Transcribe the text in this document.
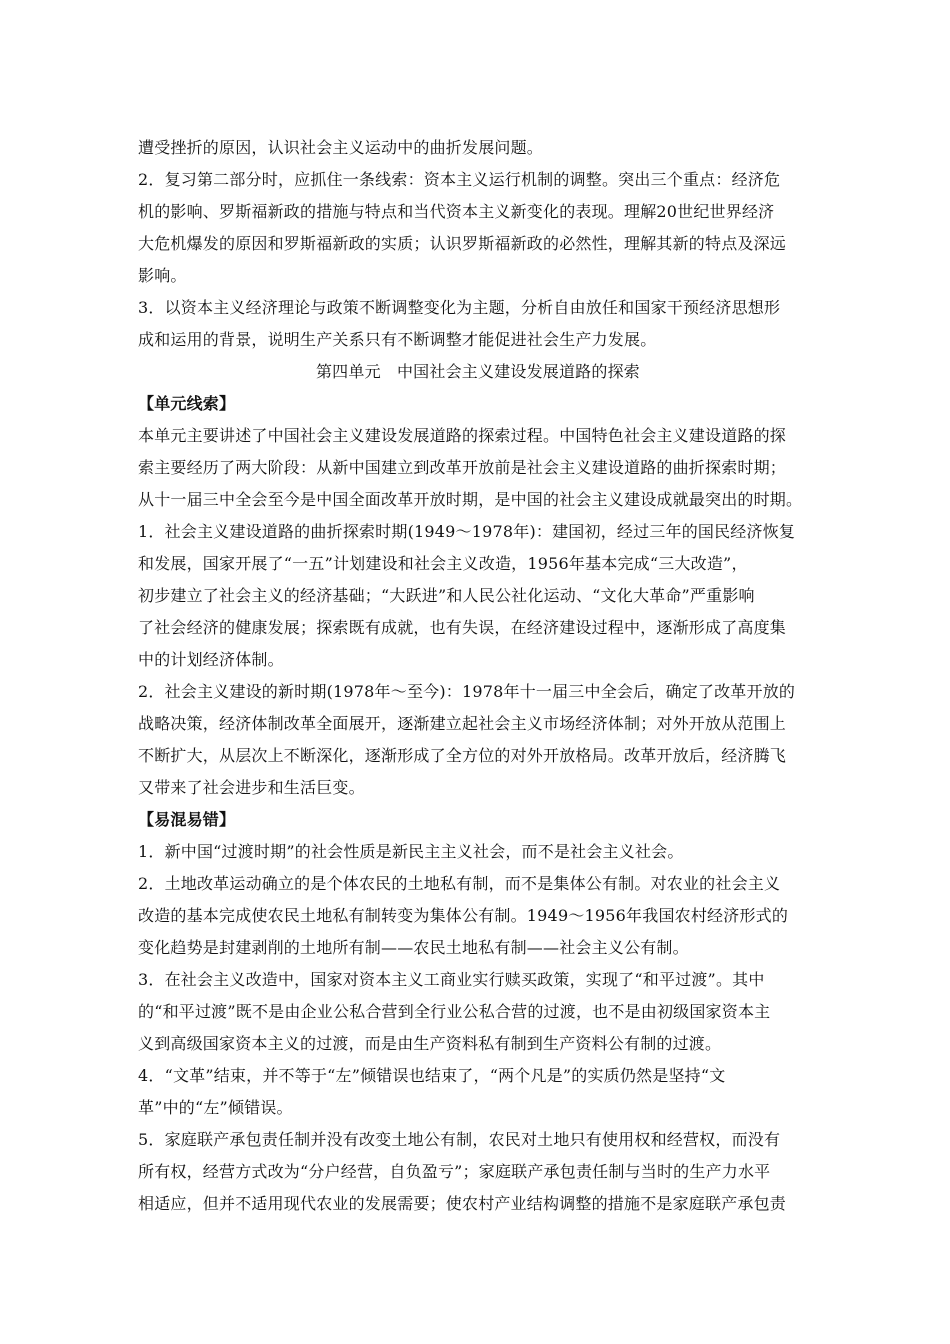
遭受挫折的原因，认识社会主义运动中的曲折发展问题。
2．复习第二部分时，应抓住一条线索：资本主义运行机制的调整。突出三个重点：经济危
机的影响、罗斯福新政的措施与特点和当代资本主义新变化的表现。理解20世纪世界经济
大危机爆发的原因和罗斯福新政的实质；认识罗斯福新政的必然性，理解其新的特点及深远
影响。
3．以资本主义经济理论与政策不断调整变化为主题，分析自由放任和国家干预经济思想形
成和运用的背景，说明生产关系只有不断调整才能促进社会生产力发展。
第四单元　中国社会主义建设发展道路的探索
【单元线索】
本单元主要讲述了中国社会主义建设发展道路的探索过程。中国特色社会主义建设道路的探
索主要经历了两大阶段：从新中国建立到改革开放前是社会主义建设道路的曲折探索时期；
从十一届三中全会至今是中国全面改革开放时期，是中国的社会主义建设成就最突出的时期。
1．社会主义建设道路的曲折探索时期(1949～1978年)：建国初，经过三年的国民经济恢复
和发展，国家开展了“一五”计划建设和社会主义改造，1956年基本完成“三大改造”，
初步建立了社会主义的经济基础；“大跃进”和人民公社化运动、“文化大革命”严重影响
了社会经济的健康发展；探索既有成就，也有失误，在经济建设过程中，逐渐形成了高度集
中的计划经济体制。
2．社会主义建设的新时期(1978年～至今)：1978年十一届三中全会后，确定了改革开放的
战略决策，经济体制改革全面展开，逐渐建立起社会主义市场经济体制；对外开放从范围上
不断扩大，从层次上不断深化，逐渐形成了全方位的对外开放格局。改革开放后，经济腾飞
又带来了社会进步和生活巨变。
【易混易错】
1．新中国“过渡时期”的社会性质是新民主主义社会，而不是社会主义社会。
2．土地改革运动确立的是个体农民的土地私有制，而不是集体公有制。对农业的社会主义
改造的基本完成使农民土地私有制转变为集体公有制。1949～1956年我国农村经济形式的
变化趋势是封建剥削的土地所有制——农民土地私有制——社会主义公有制。
3．在社会主义改造中，国家对资本主义工商业实行赎买政策，实现了“和平过渡”。其中
的“和平过渡”既不是由企业公私合营到全行业公私合营的过渡，也不是由初级国家资本主
义到高级国家资本主义的过渡，而是由生产资料私有制到生产资料公有制的过渡。
4．“文革”结束，并不等于“左”倾错误也结束了，“两个凡是”的实质仍然是坚持“文
革”中的“左”倾错误。
5．家庭联产承包责任制并没有改变土地公有制，农民对土地只有使用权和经营权，而没有
所有权，经营方式改为“分户经营，自负盈亏”；家庭联产承包责任制与当时的生产力水平
相适应，但并不适用现代农业的发展需要；使农村产业结构调整的措施不是家庭联产承包责
